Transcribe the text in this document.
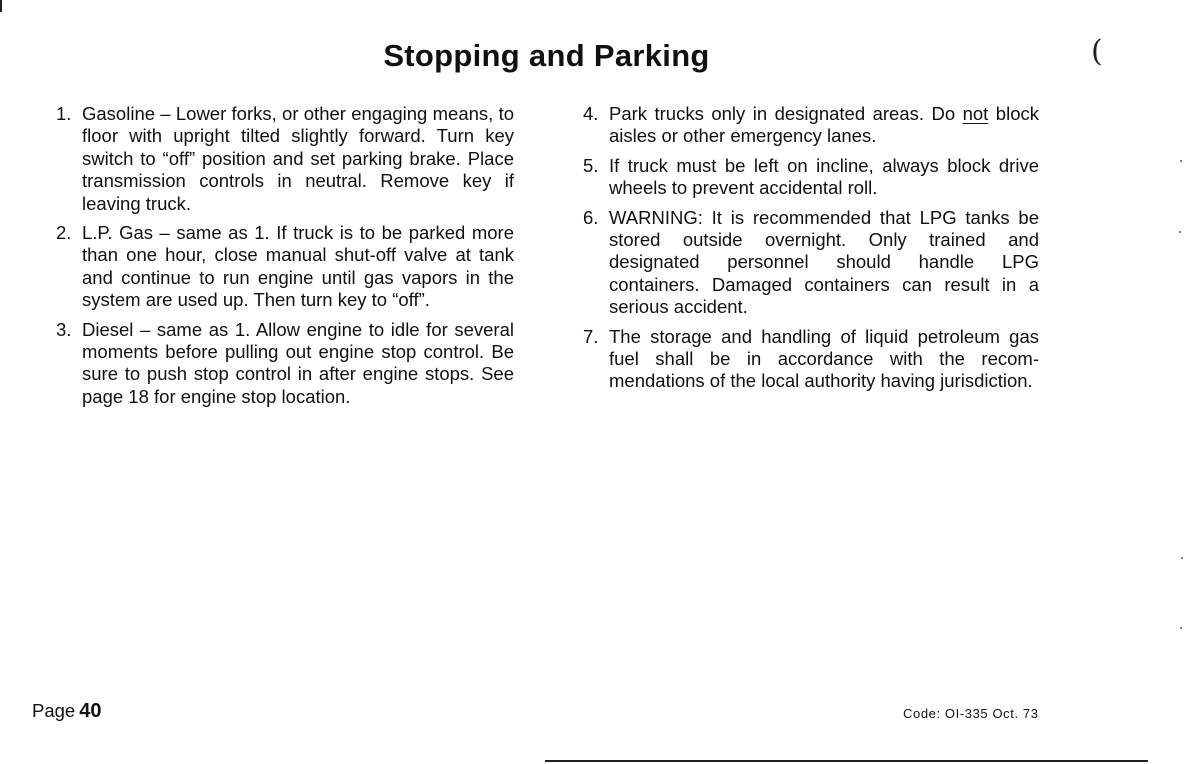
Stopping and Parking	(
1. Gasoline – Lower forks, or other engaging means, to floor with upright tilted slightly forward. Turn key switch to “off” position and set parking brake. Place transmission controls in neutral. Remove key if leaving truck.
2. L.P. Gas – same as 1. If truck is to be parked more than one hour, close manual shut-off valve at tank and continue to run engine until gas vapors in the system are used up. Then turn key to “off”.
3. Diesel – same as 1. Allow engine to idle for several moments before pulling out engine stop control. Be sure to push stop control in after engine stops. See page 18 for engine stop location.
4. Park trucks only in designated areas. Do not block aisles or other emergency lanes.
5. If truck must be left on incline, always block drive wheels to prevent accidental roll.
6. WARNING: It is recommended that LPG tanks be stored outside overnight. Only trained and designated personnel should handle LPG containers. Damaged containers can result in a serious accident.
7. The storage and handling of liquid petroleum gas fuel shall be in accordance with the recommendations of the local authority having jurisdiction.
Page 40	Code: OI-335 Oct. 73
